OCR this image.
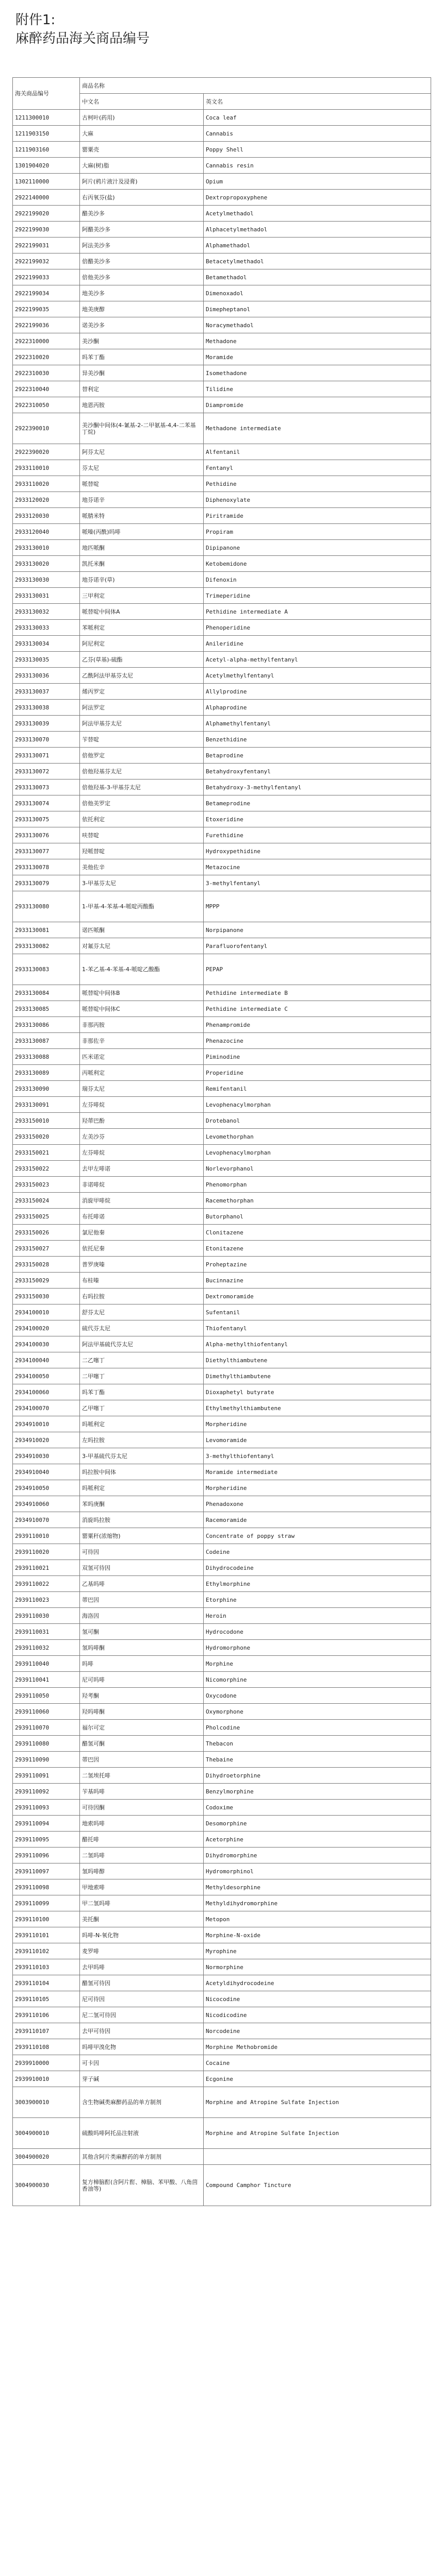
附件1:
麻醉药品海关商品编号
海关商品编号	商品名称	
	中文名	英文名
1211300010	古柯叶(药用)	Coca leaf
1211903150	大麻	Cannabis
1211903160	罂粟壳	Poppy Shell
1301904020	大麻(树)脂	Cannabis resin
1302110000	阿片(鸦片液汁及浸膏)	Opium
2922140000	右丙氧芬(盐)	Dextropropoxyphene
2922199020	醋美沙多	Acetylmethadol
2922199030	阿醋美沙多	Alphacetylmethadol
2922199031	阿法美沙多	Alphamethadol
2922199032	倍醋美沙多	Betacetylmethadol
2922199033	倍他美沙多	Betamethadol
2922199034	地美沙多	Dimenoxadol
2922199035	地美庚醇	Dimepheptanol
2922199036	诺美沙多	Noracymethadol
2922310000	美沙酮	Methadone
2922310020	吗苯丁酯	Moramide
2922310030	异美沙酮	Isomethadone
2922310040	替利定	Tilidine
2922310050	地恩丙胺	Diampromide
2922390010	美沙酮中间体(4-氰基-2-二甲氨基-4,4-二苯基丁烷)	Methadone intermediate
2922390020	阿芬太尼	Alfentanil
2933110010	芬太尼	Fentanyl
2933110020	哌替啶	Pethidine
2933120020	地芬诺辛	Diphenoxylate
2933120030	哌腈米特	Piritramide
2933120040	哌嗪(丙酰)吗啡	Propiram
2933130010	地匹哌酮	Dipipanone
2933130020	凯托米酮	Ketobemidone
2933130030	地芬诺辛(草)	Difenoxin
2933130031	三甲利定	Trimeperidine
2933130032	哌替啶中间体A	Pethidine intermediate A
2933130033	苯哌利定	Phenoperidine
2933130034	阿尼利定	Anileridine
2933130035	乙芬(草基)-硫酯	Acetyl-alpha-methylfentanyl
2933130036	乙酰阿法甲基芬太尼	Acetylmethylfentanyl
2933130037	烯丙罗定	Allylprodine
2933130038	阿法罗定	Alphaprodine
2933130039	阿法甲基芬太尼	Alphamethylfentanyl
2933130070	苄替啶	Benzethidine
2933130071	倍他罗定	Betaprodine
2933130072	倍他羟基芬太尼	Betahydroxyfentanyl
2933130073	倍他羟基-3-甲基芬太尼	Betahydroxy-3-methylfentanyl
2933130074	倍他美罗定	Betameprodine
2933130075	依托利定	Etoxeridine
2933130076	呋替啶	Furethidine
2933130077	羟哌替啶	Hydroxypethidine
2933130078	美他佐辛	Metazocine
2933130079	3-甲基芬太尼	3-methylfentanyl
2933130080	1-甲基-4-苯基-4-哌啶丙酸酯	MPPP
2933130081	诺匹哌酮	Norpipanone
2933130082	对氟芬太尼	Parafluorofentanyl
2933130083	1-苯乙基-4-苯基-4-哌啶乙酸酯	PEPAP
2933130084	哌替啶中间体B	Pethidine intermediate B
2933130085	哌替啶中间体C	Pethidine intermediate C
2933130086	非那丙胺	Phenampromide
2933130087	非那佐辛	Phenazocine
2933130088	匹米诺定	Piminodine
2933130089	丙哌利定	Properidine
2933130090	瑞芬太尼	Remifentanil
2933130091	左芬啡烷	Levophenacylmorphan
2933150010	羟蒂巴酚	Drotebanol
2933150020	左美沙芬	Levomethorphan
2933150021	左芬啡烷	Levophenacylmorphan
2933150022	去甲左啡诺	Norlevorphanol
2933150023	非诺啡烷	Phenomorphan
2933150024	消旋甲啡烷	Racemethorphan
2933150025	布托啡诺	Butorphanol
2933150026	氯尼他秦	Clonitazene
2933150027	依托尼秦	Etonitazene
2933150028	普罗庚嗪	Proheptazine
2933150029	布桂嗪	Bucinnazine
2933150030	右吗拉胺	Dextromoramide
2934100010	舒芬太尼	Sufentanil
2934100020	硫代芬太尼	Thiofentanyl
2934100030	阿法甲基硫代芬太尼	Alpha-methylthiofentanyl
2934100040	二乙噻丁	Diethylthiambutene
2934100050	二甲噻丁	Dimethylthiambutene
2934100060	吗苯丁酯	Dioxaphetyl butyrate
2934100070	乙甲噻丁	Ethylmethylthiambutene
2934910010	吗哌利定	Morpheridine
2934910020	左吗拉胺	Levomoramide
2934910030	3-甲基硫代芬太尼	3-methylthiofentanyl
2934910040	吗拉胺中间体	Moramide intermediate
2934910050	吗哌利定	Morpheridine
2934910060	苯吗庚酮	Phenadoxone
2934910070	消旋吗拉胺	Racemoramide
2939110010	罂粟秆(浓缩物)	Concentrate of poppy straw
2939110020	可待因	Codeine
2939110021	双氢可待因	Dihydrocodeine
2939110022	乙基吗啡	Ethylmorphine
2939110023	蒂巴因	Etorphine
2939110030	海洛因	Heroin
2939110031	氢可酮	Hydrocodone
2939110032	氢吗啡酮	Hydromorphone
2939110040	吗啡	Morphine
2939110041	尼可吗啡	Nicomorphine
2939110050	羟考酮	Oxycodone
2939110060	羟吗啡酮	Oxymorphone
2939110070	福尔可定	Pholcodine
2939110080	醋氢可酮	Thebacon
2939110090	蒂巴因	Thebaine
2939110091	二氢埃托啡	Dihydroetorphine
2939110092	苄基吗啡	Benzylmorphine
2939110093	可待因酮	Codoxime
2939110094	地索吗啡	Desomorphine
2939110095	醋托啡	Acetorphine
2939110096	二氢吗啡	Dihydromorphine
2939110097	氢吗啡醇	Hydromorphinol
2939110098	甲地索啡	Methyldesorphine
2939110099	甲二氢吗啡	Methyldihydromorphine
2939110100	美托酮	Metopon
2939110101	吗啡-N-氧化物	Morphine-N-oxide
2939110102	麦罗啡	Myrophine
2939110103	去甲吗啡	Normorphine
2939110104	醋氢可待因	Acetyldihydrocodeine
2939110105	尼可待因	Nicocodine
2939110106	尼二氢可待因	Nicodicodine
2939110107	去甲可待因	Norcodeine
2939110108	吗啡甲溴化物	Morphine Methobromide
2939910000	可卡因	Cocaine
2939910010	芽子碱	Ecgonine
3003900010	含生物碱类麻醉药品的单方制剂	Morphine and Atropine Sulfate Injection
3004900010	硫酸吗啡阿托品注射液	Morphine and Atropine Sulfate Injection
3004900020	其他含阿片类麻醉药的单方制剂	
3004900030	复方樟脑酊(含阿片酊、樟脑、苯甲酸、八角茴香油等)	Compound Camphor Tincture
